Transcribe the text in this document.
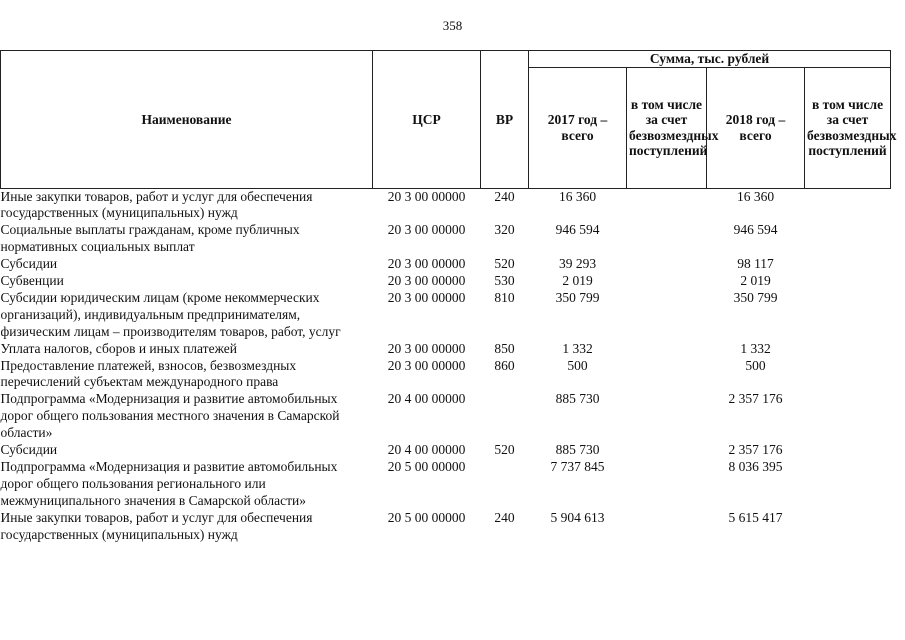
358
Наименование	ЦСР	ВР	Сумма, тыс. рублей			
			2017 год – всего	в том числе за счет безвозмездных поступлений	2018 год – всего	в том числе за счет безвозмездных поступлений
Иные закупки товаров, работ и услуг для обеспечения государственных (муниципальных) нужд	20 3 00 00000	240	16 360		16 360	
Социальные выплаты гражданам, кроме публичных нормативных социальных выплат	20 3 00 00000	320	946 594		946 594	
Субсидии	20 3 00 00000	520	39 293		98 117	
Субвенции	20 3 00 00000	530	2 019		2 019	
Субсидии юридическим лицам (кроме некоммерческих организаций), индивидуальным предпринимателям, физическим лицам – производителям товаров, работ, услуг	20 3 00 00000	810	350 799		350 799	
Уплата налогов, сборов и иных платежей	20 3 00 00000	850	1 332		1 332	
Предоставление платежей, взносов, безвозмездных перечислений субъектам международного права	20 3 00 00000	860	500		500	
Подпрограмма «Модернизация и развитие автомобильных дорог общего пользования местного значения в Самарской области»	20 4 00 00000		885 730		2 357 176	
Субсидии	20 4 00 00000	520	885 730		2 357 176	
Подпрограмма «Модернизация и развитие автомобильных дорог общего пользования регионального или межмуниципального значения в Самарской области»	20 5 00 00000		7 737 845		8 036 395	
Иные закупки товаров, работ и услуг для обеспечения государственных (муниципальных) нужд	20 5 00 00000	240	5 904 613		5 615 417	
